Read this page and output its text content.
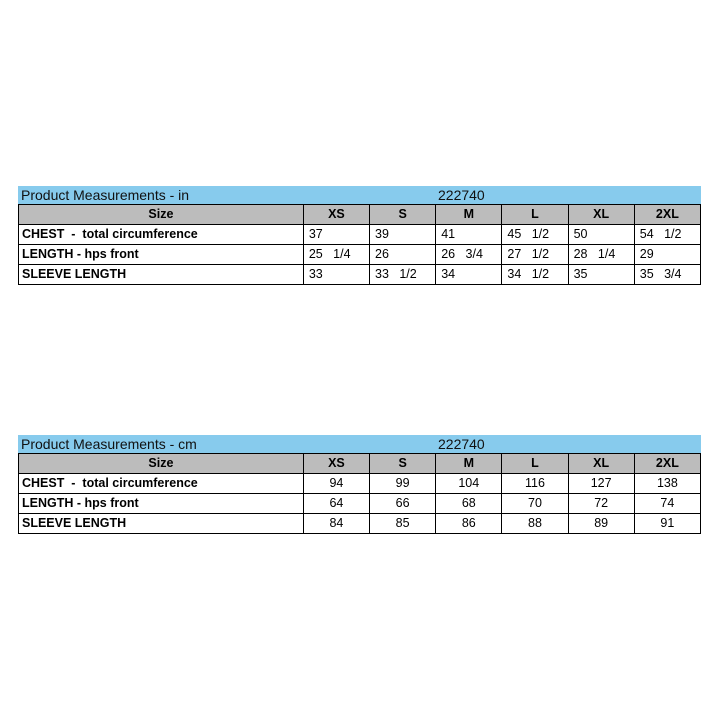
Product Measurements - in	222740
Size	XS	S	M	L	XL	2XL
CHEST  -  total circumference	37	39	41	45   1/2	50	54   1/2
LENGTH - hps front	25   1/4	26	26   3/4	27   1/2	28   1/4	29
SLEEVE LENGTH	33	33   1/2	34	34   1/2	35	35   3/4
Product Measurements - cm	222740
Size	XS	S	M	L	XL	2XL
CHEST  -  total circumference	94	99	104	116	127	138
LENGTH - hps front	64	66	68	70	72	74
SLEEVE LENGTH	84	85	86	88	89	91
